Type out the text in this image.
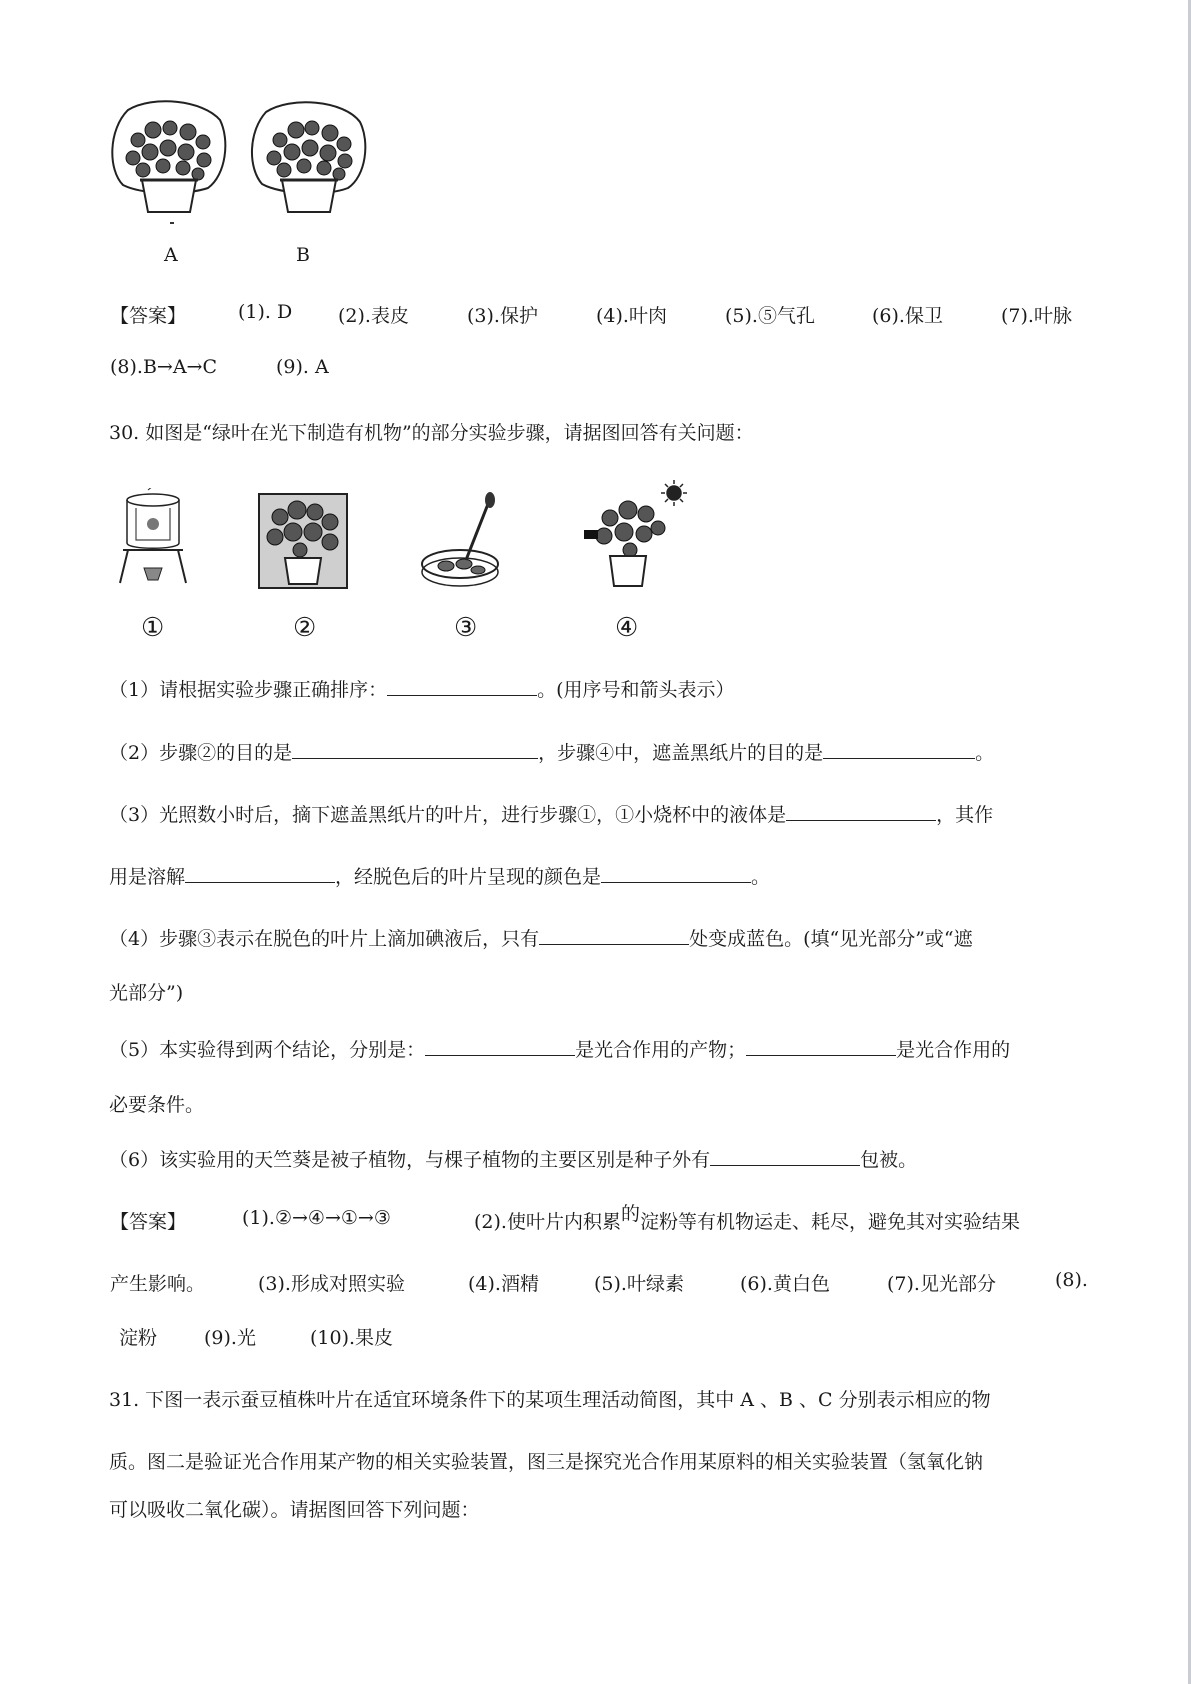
A	B
【答案】	(1). D (2).表皮	(3).保护	(4).叶肉	(5).⑤气孔	(6).保卫	(7).叶脉
(8).B→A→C	(9). A
30. 如图是“绿叶在光下制造有机物”的部分实验步骤，请据图回答有关问题：
①	②	③	④
（1）请根据实验步骤正确排序：	。(用序号和箭头表示）
（2）步骤②的目的是	，步骤④中，遮盖黑纸片的目的是	。
（3）光照数小时后，摘下遮盖黑纸片的叶片，进行步骤①，①小烧杯中的液体是	，其作
用是溶解	，经脱色后的叶片呈现的颜色是	。
（4）步骤③表示在脱色的叶片上滴加碘液后，只有	处变成蓝色。(填“见光部分”或“遮
光部分”)
（5）本实验得到两个结论，分别是：	是光合作用的产物；	是光合作用的
必要条件。
（6）该实验用的天竺葵是被子植物，与棵子植物的主要区别是种子外有	包被。
【答案】	(1).②→④→①→③	(2).使叶片内积累的淀粉等有机物运走、耗尽，避免其对实验结果
产生影响。	(3).形成对照实验	(4).酒精	(5).叶绿素	(6).黄白色	(7).见光部分	(8).
淀粉 (9).光	(10).果皮
31. 下图一表示蚕豆植株叶片在适宜环境条件下的某项生理活动简图，其中 A 、B 、C 分别表示相应的物
质。图二是验证光合作用某产物的相关实验装置，图三是探究光合作用某原料的相关实验装置（氢氧化钠
可以吸收二氧化碳）。请据图回答下列问题：
